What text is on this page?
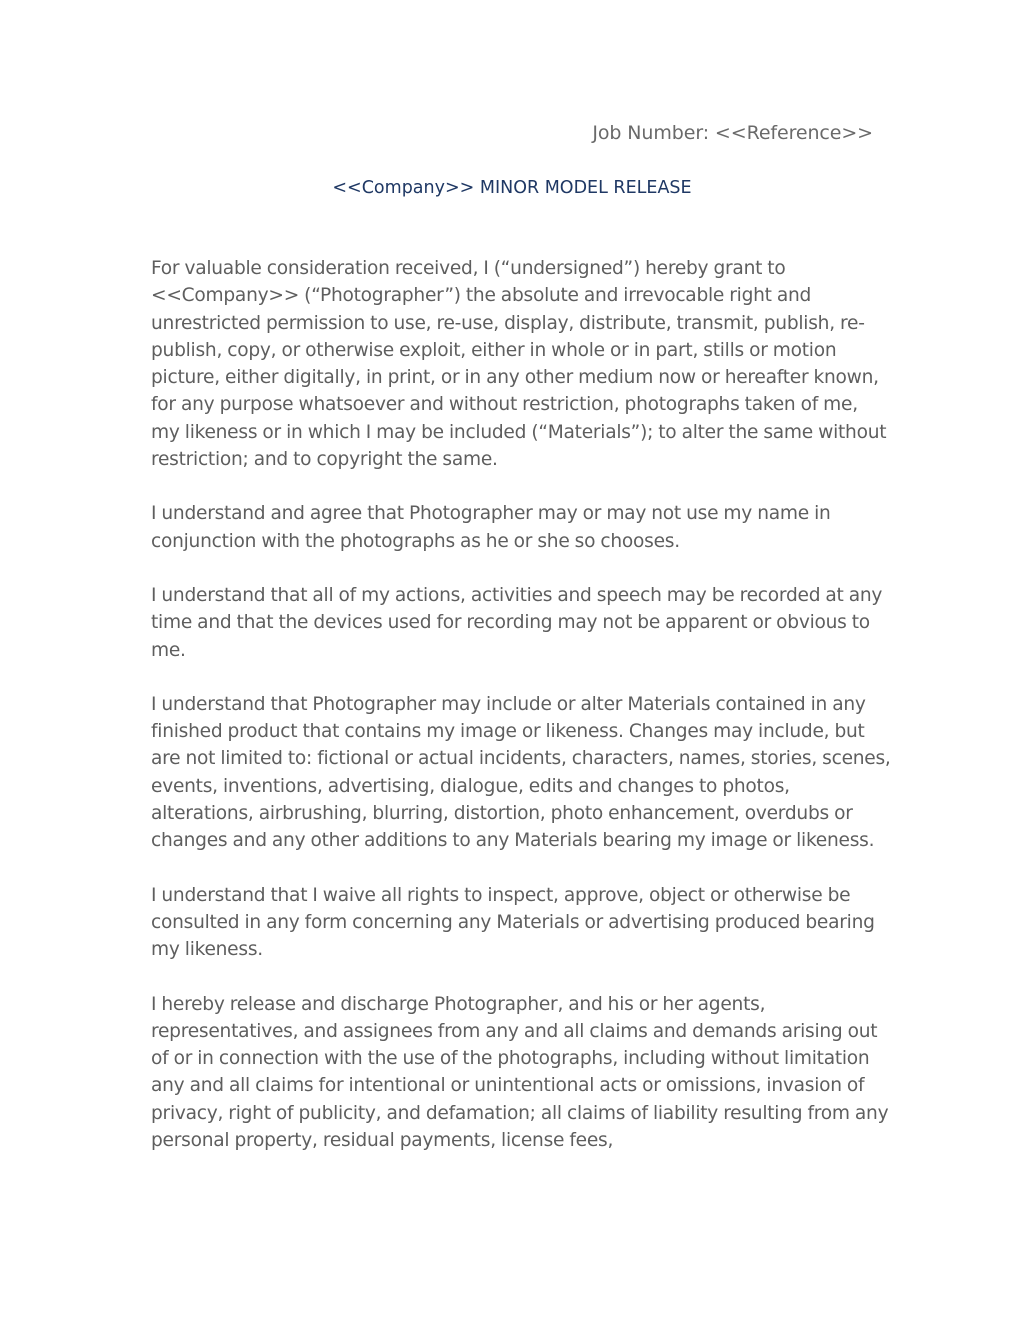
Job Number: <<Reference>>
<<Company>> MINOR MODEL RELEASE

For valuable consideration received, I (“undersigned”) hereby grant to <<Company>> (“Photographer”) the absolute and irrevocable right and unrestricted permission to use, re-use, display, distribute, transmit, publish, re-publish, copy, or otherwise exploit, either in whole or in part, stills or motion picture, either digitally, in print, or in any other medium now or hereafter known, for any purpose whatsoever and without restriction, photographs taken of me, my likeness or in which I may be included (“Materials”); to alter the same without restriction; and to copyright the same.

I understand and agree that Photographer may or may not use my name in conjunction with the photographs as he or she so chooses.

I understand that all of my actions, activities and speech may be recorded at any time and that the devices used for recording may not be apparent or obvious to me.

I understand that Photographer may include or alter Materials contained in any finished product that contains my image or likeness. Changes may include, but are not limited to: fictional or actual incidents, characters, names, stories, scenes, events, inventions, advertising, dialogue, edits and changes to photos, alterations, airbrushing, blurring, distortion, photo enhancement, overdubs or changes and any other additions to any Materials bearing my image or likeness.

I understand that I waive all rights to inspect, approve, object or otherwise be consulted in any form concerning any Materials or advertising produced bearing my likeness.

I hereby release and discharge Photographer, and his or her agents, representatives, and assignees from any and all claims and demands arising out of or in connection with the use of the photographs, including without limitation any and all claims for intentional or unintentional acts or omissions, invasion of privacy, right of publicity, and defamation; all claims of liability resulting from any personal property, residual payments, license fees,
